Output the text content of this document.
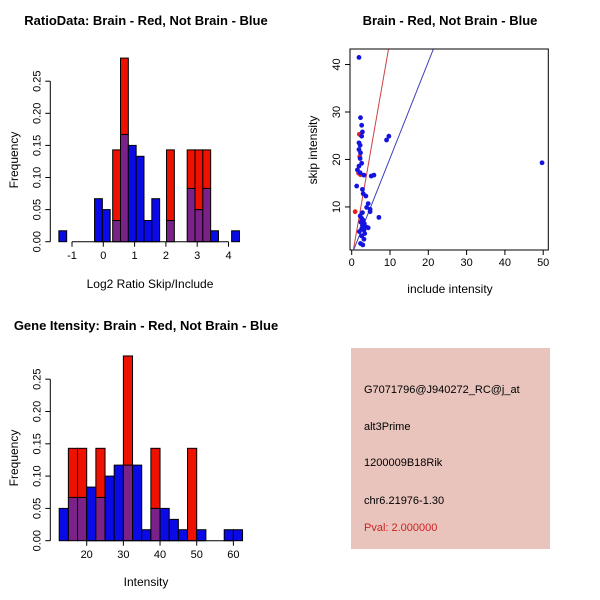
RatioData: Brain - Red, Not Brain - Blue	Brain - Red, Not Brain - Blue
Gene Itensity: Brain - Red, Not Brain - Blue
Log2 Ratio Skip/Include	include intensity
Intensity
Frequency	skip intensity
Frequency
-1 0 1 2 3 4
0.00
0.05
0.10
0.15
0.20
0.25
0	10 20 30 40 50
10
20
30
40
20 30 40 50 60
0.00
0.05
0.10
0.15
0.20
0.25
G7071796@J940272_RC@j_at
alt3Prime
1200009B18Rik
chr6.21976-1.30
Pval: 2.000000
